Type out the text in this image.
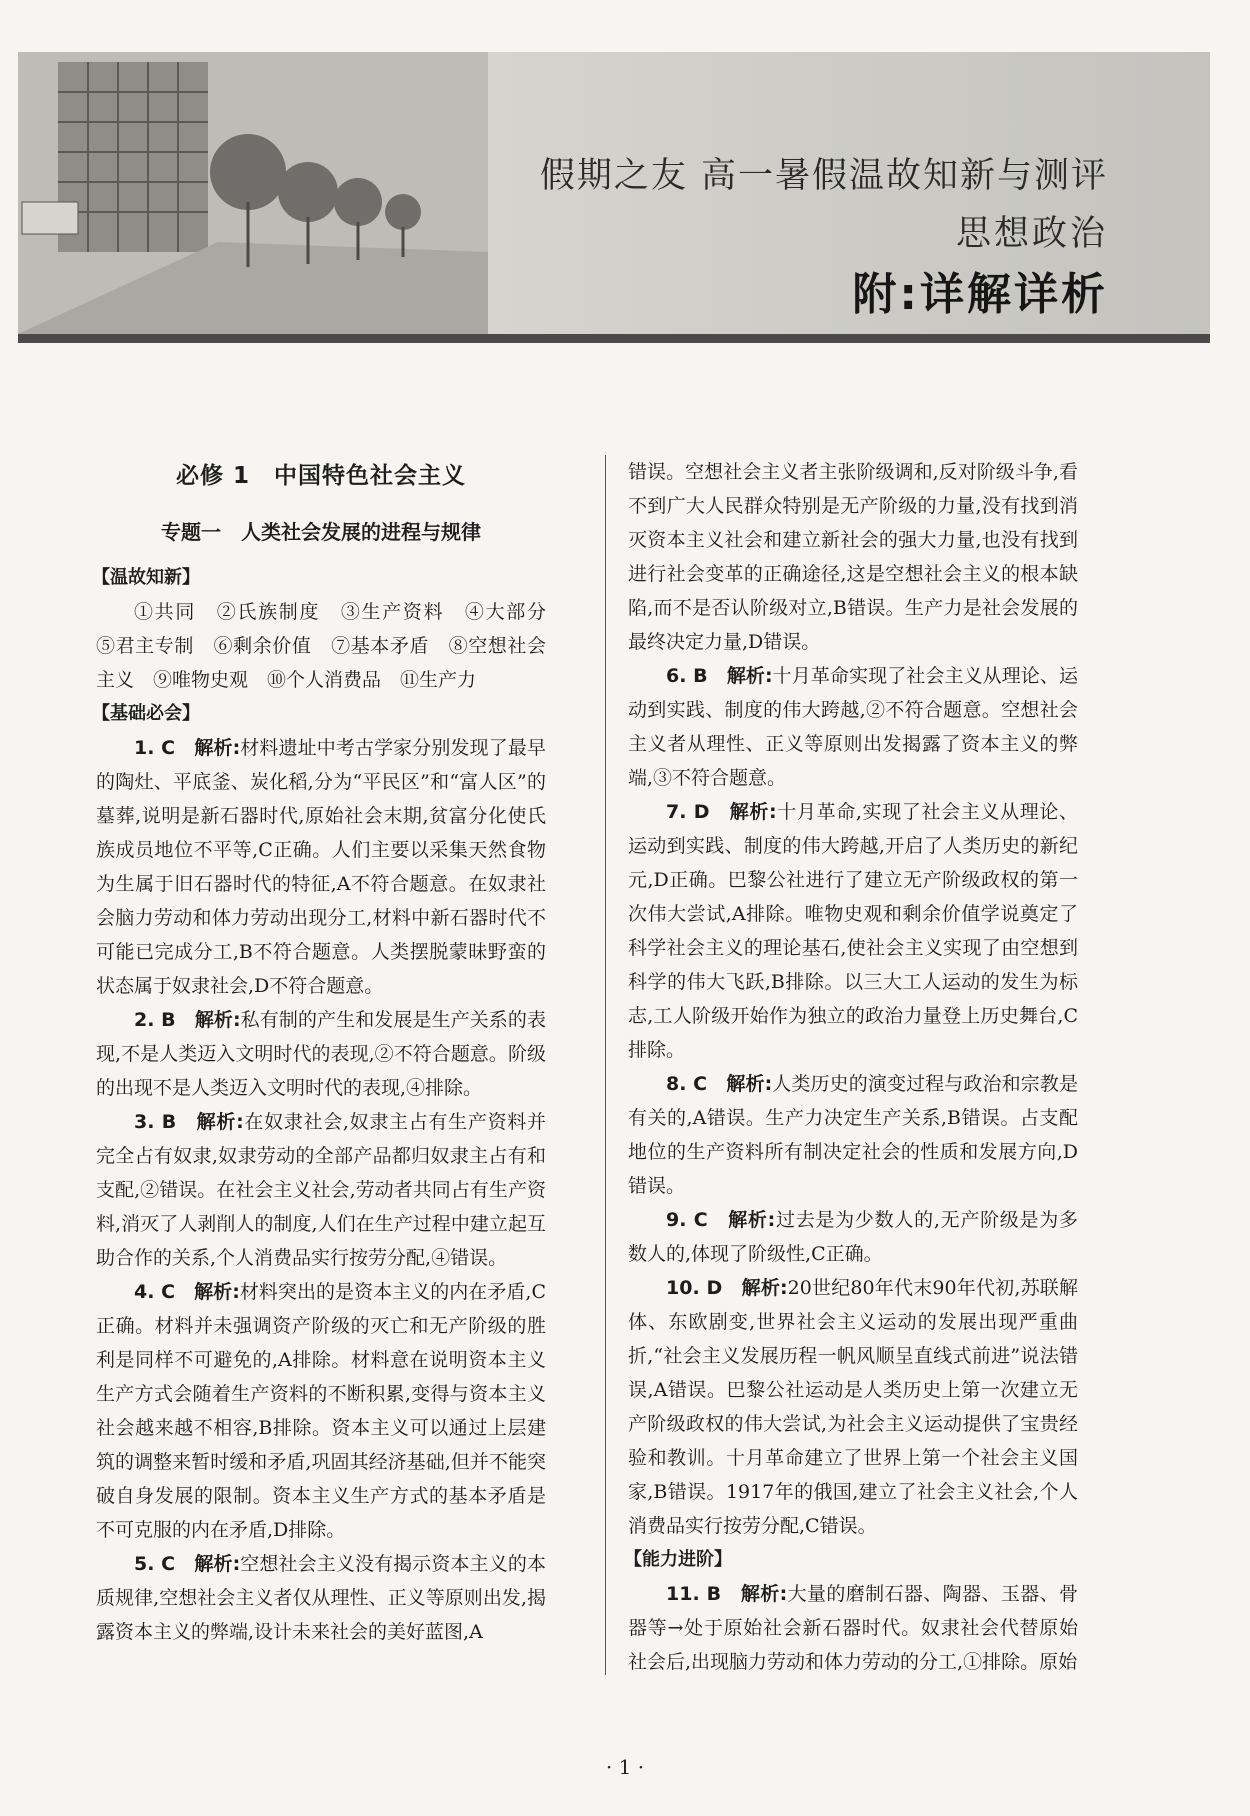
假期之友 高一暑假温故知新与测评
思想政治
附:详解详析
必修 1　中国特色社会主义
专题一　人类社会发展的进程与规律
【温故知新】

①共同　②氏族制度　③生产资料　④大部分　⑤君主专制　⑥剩余价值　⑦基本矛盾　⑧空想社会主义　⑨唯物史观　⑩个人消费品　⑪生产力

【基础必会】

1. C　 解析:材料遗址中考古学家分别发现了最早的陶灶、平底釜、炭化稻,分为“平民区”和“富人区”的墓葬,说明是新石器时代,原始社会末期,贫富分化使氏族成员地位不平等,C正确。人们主要以采集天然食物为生属于旧石器时代的特征,A不符合题意。在奴隶社会脑力劳动和体力劳动出现分工,材料中新石器时代不可能已完成分工,B不符合题意。人类摆脱蒙昧野蛮的状态属于奴隶社会,D不符合题意。

2. B　 解析:私有制的产生和发展是生产关系的表现,不是人类迈入文明时代的表现,②不符合题意。阶级的出现不是人类迈入文明时代的表现,④排除。

3. B　 解析:在奴隶社会,奴隶主占有生产资料并完全占有奴隶,奴隶劳动的全部产品都归奴隶主占有和支配,②错误。在社会主义社会,劳动者共同占有生产资料,消灭了人剥削人的制度,人们在生产过程中建立起互助合作的关系,个人消费品实行按劳分配,④错误。

4. C　 解析:材料突出的是资本主义的内在矛盾,C正确。材料并未强调资产阶级的灭亡和无产阶级的胜利是同样不可避免的,A排除。材料意在说明资本主义生产方式会随着生产资料的不断积累,变得与资本主义社会越来越不相容,B排除。资本主义可以通过上层建筑的调整来暂时缓和矛盾,巩固其经济基础,但并不能突破自身发展的限制。资本主义生产方式的基本矛盾是不可克服的内在矛盾,D排除。

5. C　 解析:空想社会主义没有揭示资本主义的本质规律,空想社会主义者仅从理性、正义等原则出发,揭露资本主义的弊端,设计未来社会的美好蓝图,A

错误。空想社会主义者主张阶级调和,反对阶级斗争,看不到广大人民群众特别是无产阶级的力量,没有找到消灭资本主义社会和建立新社会的强大力量,也没有找到进行社会变革的正确途径,这是空想社会主义的根本缺陷,而不是否认阶级对立,B错误。生产力是社会发展的最终决定力量,D错误。

6. B　 解析:十月革命实现了社会主义从理论、运动到实践、制度的伟大跨越,②不符合题意。空想社会主义者从理性、正义等原则出发揭露了资本主义的弊端,③不符合题意。

7. D　 解析:十月革命,实现了社会主义从理论、运动到实践、制度的伟大跨越,开启了人类历史的新纪元,D正确。巴黎公社进行了建立无产阶级政权的第一次伟大尝试,A排除。唯物史观和剩余价值学说奠定了科学社会主义的理论基石,使社会主义实现了由空想到科学的伟大飞跃,B排除。以三大工人运动的发生为标志,工人阶级开始作为独立的政治力量登上历史舞台,C排除。

8. C　 解析:人类历史的演变过程与政治和宗教是有关的,A错误。生产力决定生产关系,B错误。占支配地位的生产资料所有制决定社会的性质和发展方向,D错误。

9. C　 解析:过去是为少数人的,无产阶级是为多数人的,体现了阶级性,C正确。

10. D　 解析:20世纪80年代末90年代初,苏联解体、东欧剧变,世界社会主义运动的发展出现严重曲折,“社会主义发展历程一帆风顺呈直线式前进”说法错误,A错误。巴黎公社运动是人类历史上第一次建立无产阶级政权的伟大尝试,为社会主义运动提供了宝贵经验和教训。十月革命建立了世界上第一个社会主义国家,B错误。1917年的俄国,建立了社会主义社会,个人消费品实行按劳分配,C错误。

【能力进阶】

11. B　 解析:大量的磨制石器、陶器、玉器、骨器等→处于原始社会新石器时代。奴隶社会代替原始社会后,出现脑力劳动和体力劳动的分工,①排除。原始

· 1 ·
